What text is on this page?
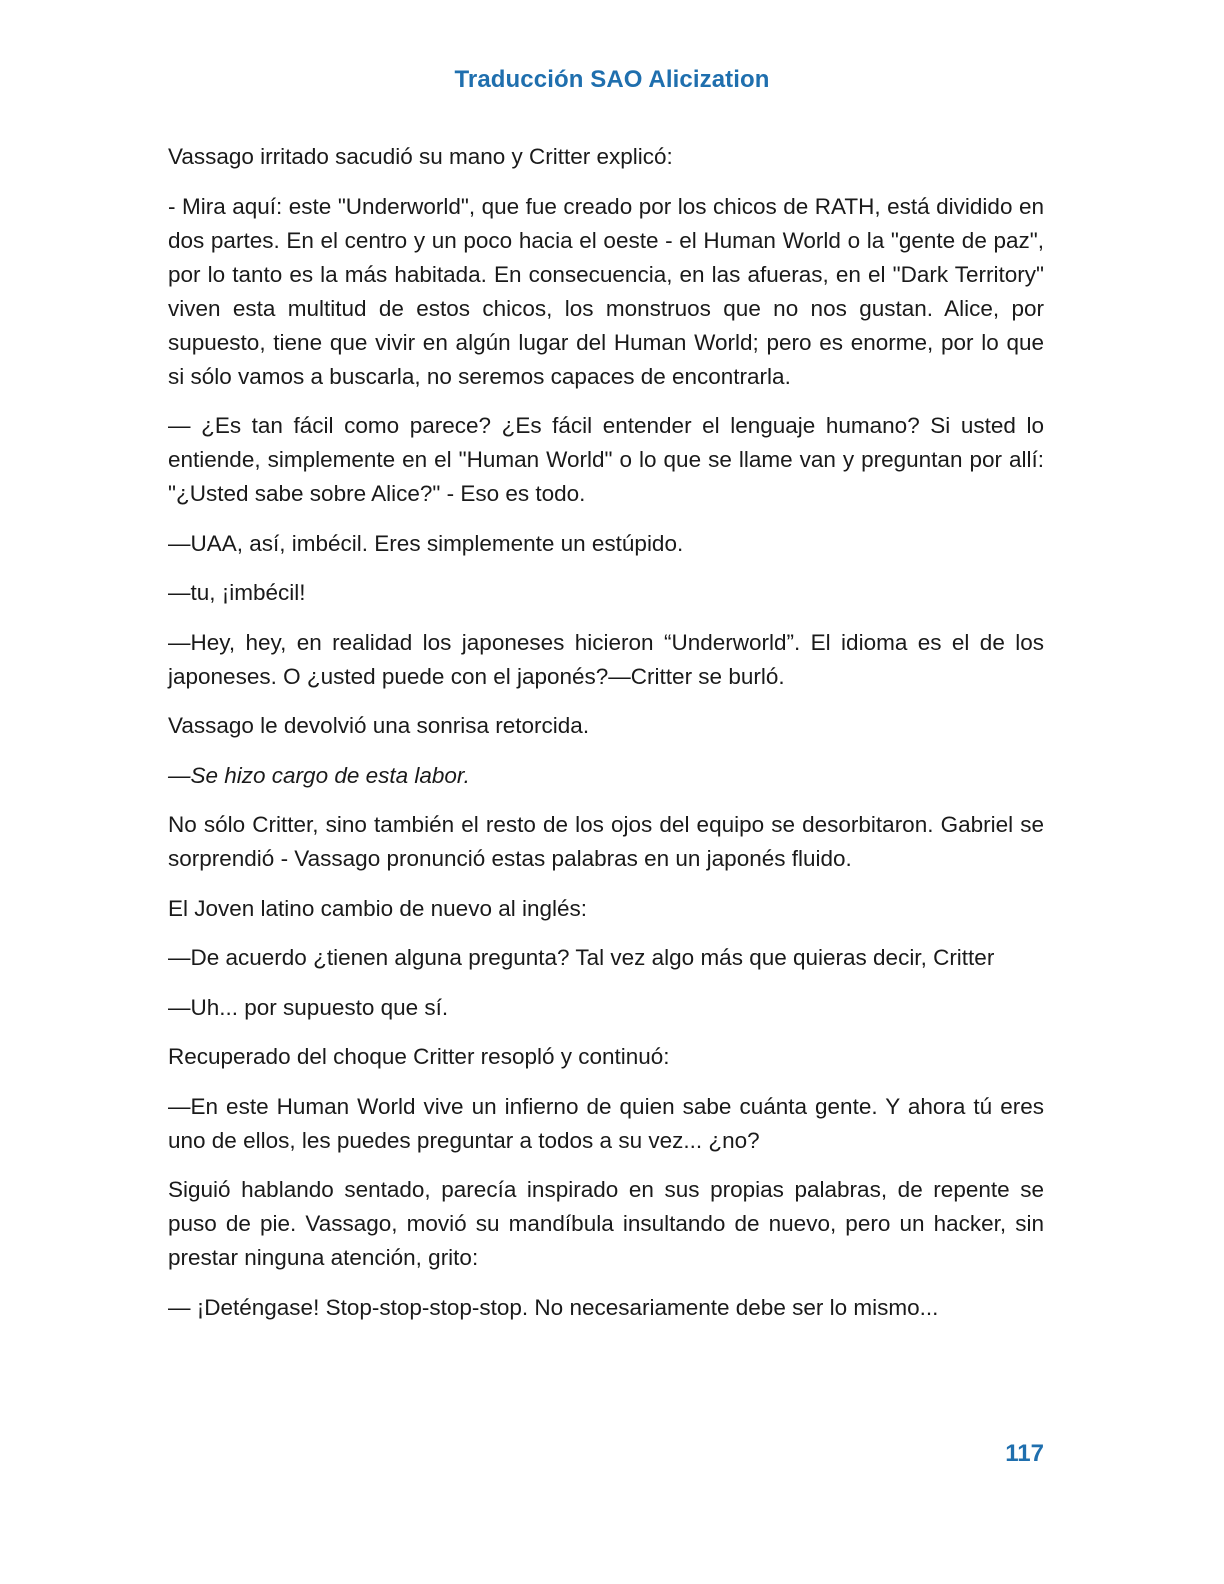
Traducción SAO Alicization

Vassago irritado sacudió su mano y Critter explicó:

- Mira aquí: este "Underworld", que fue creado por los chicos de RATH, está dividido en dos partes. En el centro y un poco hacia el oeste - el Human World o la "gente de paz", por lo tanto es la más habitada. En consecuencia, en las afueras, en el "Dark Territory" viven esta multitud de estos chicos, los monstruos que no nos gustan. Alice, por supuesto, tiene que vivir en algún lugar del Human World; pero es enorme, por lo que si sólo vamos a buscarla, no seremos capaces de encontrarla.

— ¿Es tan fácil como parece? ¿Es fácil entender el lenguaje humano? Si usted lo entiende, simplemente en el "Human World" o lo que se llame van y preguntan por allí: "¿Usted sabe sobre Alice?" - Eso es todo.

—UAA, así, imbécil. Eres simplemente un estúpido.

—tu, ¡imbécil!

—Hey, hey, en realidad los japoneses hicieron “Underworld”. El idioma es el de los japoneses. O ¿usted puede con el japonés?—Critter se burló.

Vassago le devolvió una sonrisa retorcida.

—Se hizo cargo de esta labor.

No sólo Critter, sino también el resto de los ojos del equipo se desorbitaron. Gabriel se sorprendió - Vassago pronunció estas palabras en un japonés fluido.

El Joven latino cambio de nuevo al inglés:

—De acuerdo ¿tienen alguna pregunta? Tal vez algo más que quieras decir, Critter

—Uh... por supuesto que sí.

Recuperado del choque Critter resopló y continuó:

—En este Human World vive un infierno de quien sabe cuánta gente. Y ahora tú eres uno de ellos, les puedes preguntar a todos a su vez... ¿no?

Siguió hablando sentado, parecía inspirado en sus propias palabras, de repente se puso de pie. Vassago, movió su mandíbula insultando de nuevo, pero un hacker, sin prestar ninguna atención, grito:

— ¡Deténgase! Stop-stop-stop-stop. No necesariamente debe ser lo mismo...

117
